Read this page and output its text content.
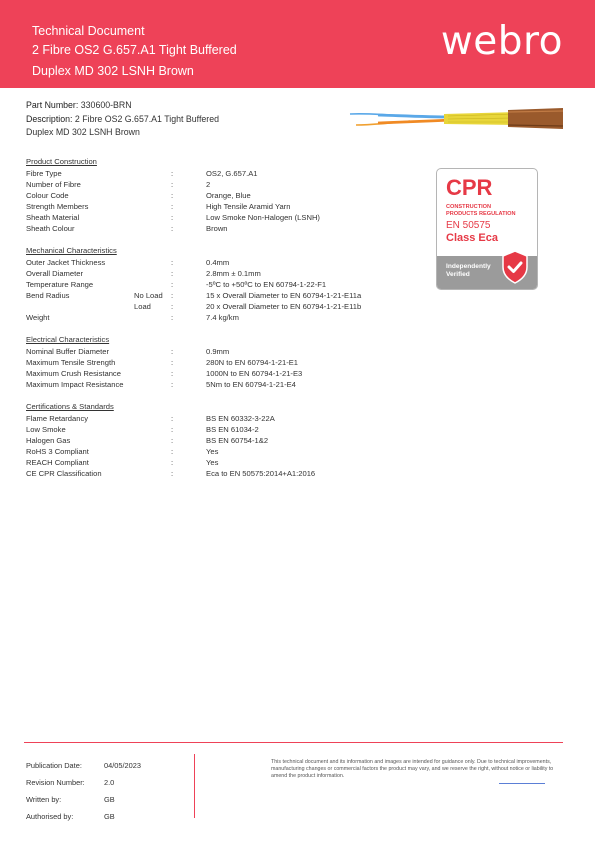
Technical Document
2 Fibre OS2 G.657.A1 Tight Buffered
Duplex MD 302 LSNH Brown
webro
Part Number: 330600-BRN
Description: 2 Fibre OS2 G.657.A1 Tight Buffered
Duplex MD 302 LSNH Brown
Product Construction
Fibre Type	:	OS2, G.657.A1
Number of Fibre	:	2
Colour Code	:	Orange, Blue
Strength Members	:	High Tensile Aramid Yarn
Sheath Material	:	Low Smoke Non-Halogen (LSNH)
Sheath Colour	:	Brown
Mechanical Characteristics
Outer Jacket Thickness	:	0.4mm
Overall Diameter	:	2.8mm ± 0.1mm
Temperature Range	:	-5ºC to +50ºC to EN 60794-1-22-F1
Bend Radius	No Load :	15 x Overall Diameter to EN 60794-1-21-E11a
Load	:	20 x Overall Diameter to EN 60794-1-21-E11b
Weight	:	7.4 kg/km
Electrical Characteristics
Nominal Buffer Diameter	:	0.9mm
Maximum Tensile Strength	:	280N to EN 60794-1-21-E1
Maximum Crush Resistance	:	1000N to EN 60794-1-21-E3
Maximum Impact Resistance	:	5Nm to EN 60794-1-21-E4
Certifications & Standards
Flame Retardancy	:	BS EN 60332-3-22A
Low Smoke	:	BS EN 61034-2
Halogen Gas	:	BS EN 60754-1&2
RoHS 3 Compliant	:	Yes
REACH Compliant	:	Yes
CE CPR Classification	:	Eca to EN 50575:2014+A1:2016
CPR
CONSTRUCTION
PRODUCTS REGULATION
EN 50575
Class Eca
Independently
Verified
Publication Date:	04/05/2023
Revision Number:	2.0
Written by:	GB
Authorised by:	GB
This technical document and its information and images are intended for guidance only. Due to technical improvements, manufacturing changes or commercial factors the product may vary, and we reserve the right, without notice or liability to amend the product information.
